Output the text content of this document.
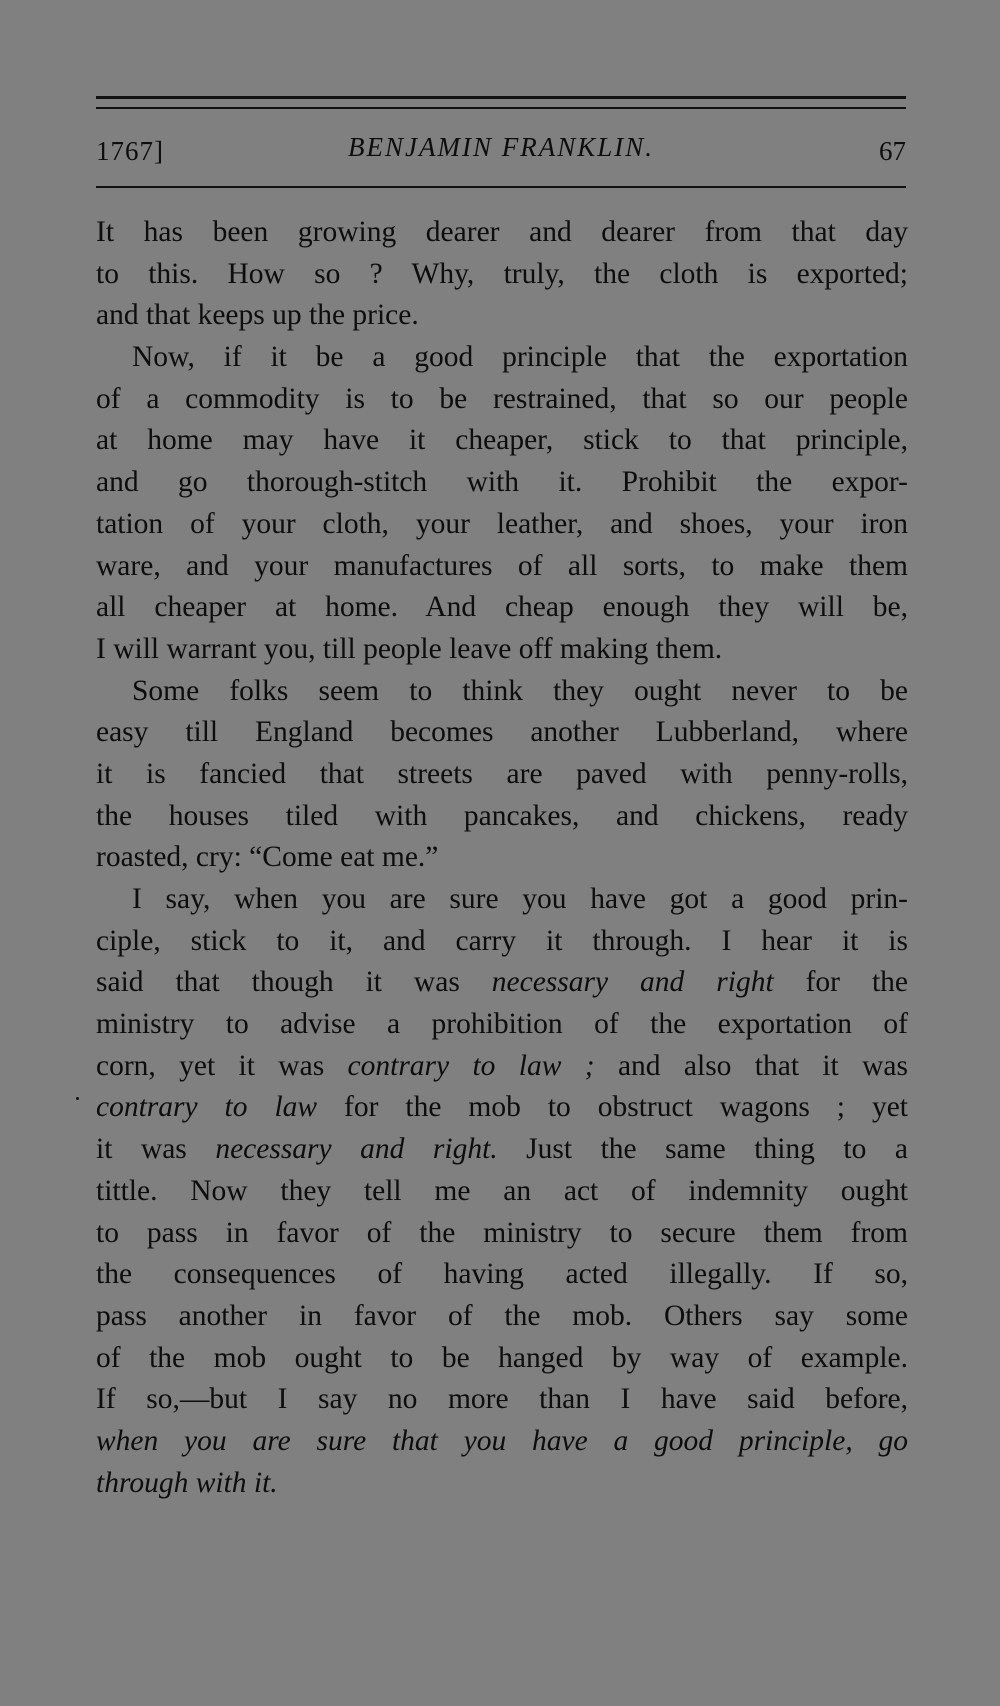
1767]	BENJAMIN FRANKLIN.	67
It has been growing dearer and dearer from that day
to this. How so ? Why, truly, the cloth is exported;
and that keeps up the price.
Now, if it be a good principle that the exportation
of a commodity is to be restrained, that so our people
at home may have it cheaper, stick to that principle,
and go thorough-stitch with it. Prohibit the expor-
tation of your cloth, your leather, and shoes, your iron
ware, and your manufactures of all sorts, to make them
all cheaper at home. And cheap enough they will be,
I will warrant you, till people leave off making them.
Some folks seem to think they ought never to be
easy till England becomes another Lubberland, where
it is fancied that streets are paved with penny-rolls,
the houses tiled with pancakes, and chickens, ready
roasted, cry: “Come eat me.”
I say, when you are sure you have got a good prin-
ciple, stick to it, and carry it through. I hear it is
said that though it was necessary and right for the
ministry to advise a prohibition of the exportation of
corn, yet it was contrary to law ; and also that it was
contrary to law for the mob to obstruct wagons ; yet
it was necessary and right. Just the same thing to a
tittle. Now they tell me an act of indemnity ought
to pass in favor of the ministry to secure them from
the consequences of having acted illegally. If so,
pass another in favor of the mob. Others say some
of the mob ought to be hanged by way of example.
If so,—but I say no more than I have said before,
when you are sure that you have a good principle, go
through with it.
